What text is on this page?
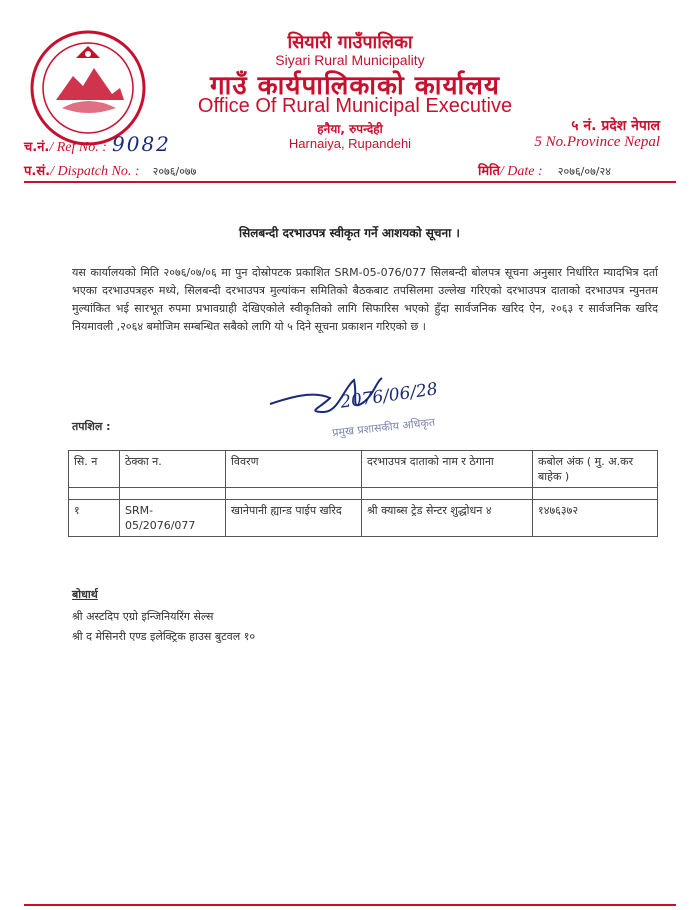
सियारी गाउँपालिका
Siyari Rural Municipality
गाउँ कार्यपालिकाको कार्यालय
Office Of Rural Municipal Executive
हनैया, रुपन्देही
Harnaiya, Rupandehi
५ नं. प्रदेश नेपाल
5 No.Province Nepal
च.नं./ Ref No. : 9082
प.सं./ Dispatch No. : २०७६/०७७	मिति/ Date : २०७६/०७/२४
सिलबन्दी दरभाउपत्र स्वीकृत गर्ने आशयको सूचना ।
यस कार्यालयको मिति २०७६/०७/०६ मा पुन दोस्रोपटक प्रकाशित SRM-05-076/077 सिलबन्दी बोलपत्र सूचना अनुसार निर्धारित म्यादभित्र दर्ता भएका दरभाउपत्रहरु मध्ये, सिलबन्दी दरभाउपत्र मुल्यांकन समितिको बैठकबाट तपसिलमा उल्लेख गरिएको दरभाउपत्र दाताको दरभाउपत्र न्युनतम मुल्यांकित भई सारभूत रुपमा प्रभावग्राही देखिएकोले स्वीकृतिको लागि सिफारिस भएको हुँदा सार्वजनिक खरिद ऐन, २०६३ र सार्वजनिक खरिद नियमावली ,२०६४ बमोजिम सम्बन्धित सबैको लागि यो ५ दिने सूचना प्रकाशन गरिएको छ ।
2076/06/28
प्रमुख प्रशासकीय अधिकृत
तपशिल :
सि. न	ठेक्का न.	विवरण	दरभाउपत्र दाताको नाम र ठेगाना	कबोल अंक ( मु. अ.कर बाहेक )

१	SRM-05/2076/077	खानेपानी ह्यान्ड पाईप खरिद	श्री क्याब्स ट्रेड सेन्टर शुद्धोधन ४	१४७६३७२
बोधार्थ
श्री अस्टदिप एग्रो इन्जिनियरिंग सेल्स
श्री द मेसिनरी एण्ड इलेक्ट्रिक हाउस बुटवल १०
